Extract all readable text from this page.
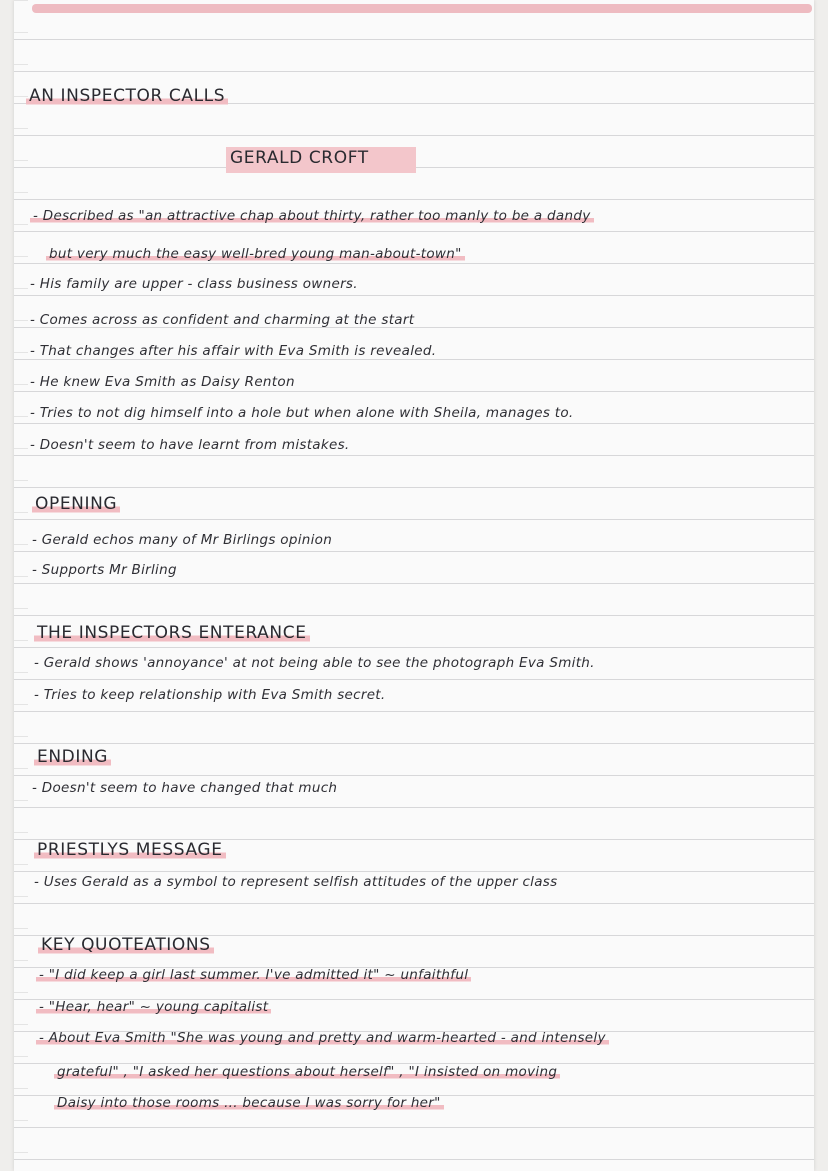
AN INSPECTOR CALLS
GERALD CROFT
- Described as "an attractive chap about thirty, rather too manly to be a dandy
but very much the easy well-bred young man-about-town"
- His family are upper - class business owners.
- Comes across as confident and charming at the start
- That changes after his affair with Eva Smith is revealed.
- He knew Eva Smith as Daisy Renton
- Tries to not dig himself into a hole but when alone with Sheila, manages to.
- Doesn't seem to have learnt from mistakes.
OPENING
- Gerald echos many of Mr Birlings opinion
- Supports Mr Birling
THE INSPECTORS ENTERANCE
- Gerald shows 'annoyance' at not being able to see the photograph Eva Smith.
- Tries to keep relationship with Eva Smith secret.
ENDING
- Doesn't seem to have changed that much
PRIESTLYS MESSAGE
- Uses Gerald as a symbol to represent selfish attitudes of the upper class
KEY QUOTEATIONS
- "I did keep a girl last summer. I've admitted it" ~ unfaithful
- "Hear, hear" ~ young capitalist
- About Eva Smith "She was young and pretty and warm-hearted - and intensely
grateful" , "I asked her questions about herself" , "I insisted on moving
Daisy into those rooms ... because I was sorry for her"
